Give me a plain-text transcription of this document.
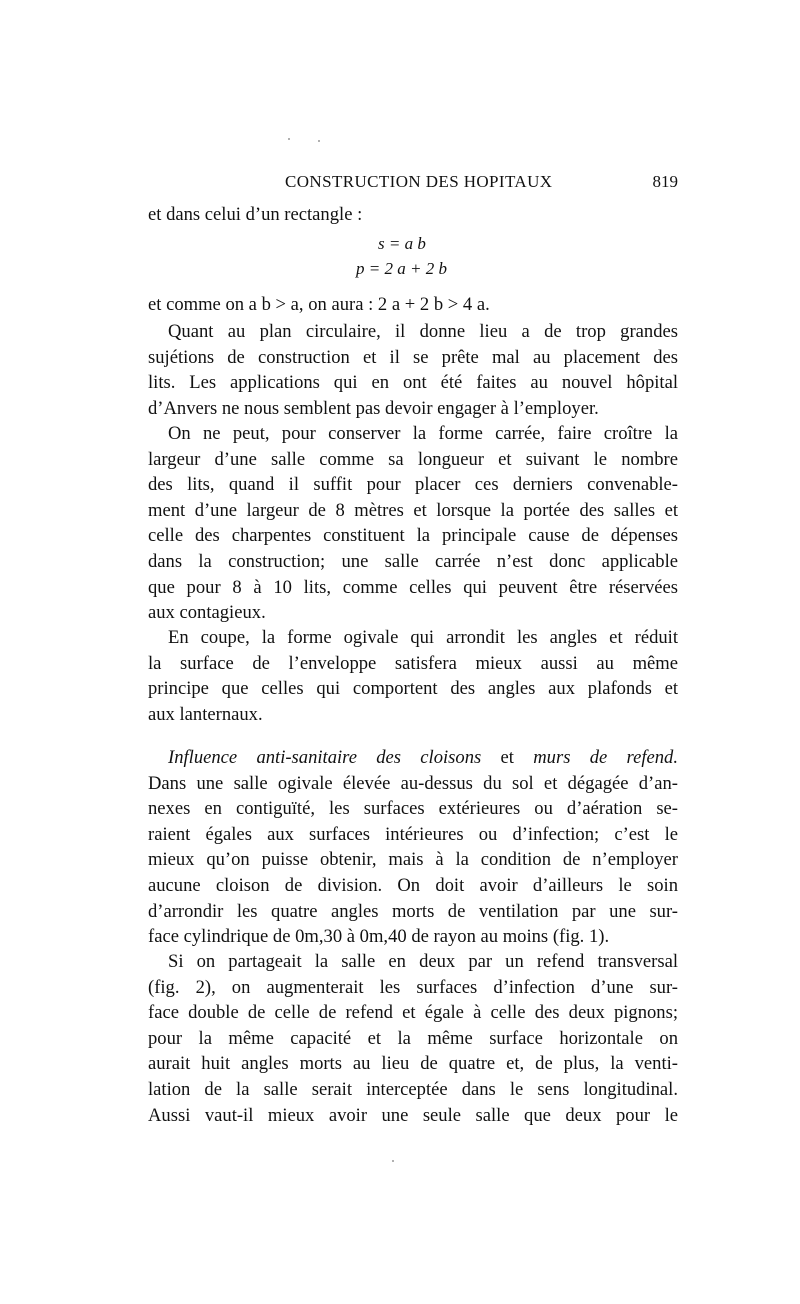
CONSTRUCTION DES HOPITAUX	819
et dans celui d’un rectangle :
s = a b
p = 2 a + 2 b
et comme on a b > a, on aura : 2 a + 2 b > 4 a.
Quant au plan circulaire, il donne lieu a de trop grandes
sujétions de construction et il se prête mal au placement des
lits. Les applications qui en ont été faites au nouvel hôpital
d’Anvers ne nous semblent pas devoir engager à l’employer.
On ne peut, pour conserver la forme carrée, faire croître la
largeur d’une salle comme sa longueur et suivant le nombre
des lits, quand il suffit pour placer ces derniers convenable-
ment d’une largeur de 8 mètres et lorsque la portée des salles et
celle des charpentes constituent la principale cause de dépenses
dans la construction; une salle carrée n’est donc applicable
que pour 8 à 10 lits, comme celles qui peuvent être réservées
aux contagieux.
En coupe, la forme ogivale qui arrondit les angles et réduit
la surface de l’enveloppe satisfera mieux aussi au même
principe que celles qui comportent des angles aux plafonds et
aux lanternaux.
Influence anti-sanitaire des cloisons et murs de refend.
Dans une salle ogivale élevée au-dessus du sol et dégagée d’an-
nexes en contiguïté, les surfaces extérieures ou d’aération se-
raient égales aux surfaces intérieures ou d’infection; c’est le
mieux qu’on puisse obtenir, mais à la condition de n’employer
aucune cloison de division. On doit avoir d’ailleurs le soin
d’arrondir les quatre angles morts de ventilation par une sur-
face cylindrique de 0m,30 à 0m,40 de rayon au moins (fig. 1).
Si on partageait la salle en deux par un refend transversal
(fig. 2), on augmenterait les surfaces d’infection d’une sur-
face double de celle de refend et égale à celle des deux pignons;
pour la même capacité et la même surface horizontale on
aurait huit angles morts au lieu de quatre et, de plus, la venti-
lation de la salle serait interceptée dans le sens longitudinal.
Aussi vaut-il mieux avoir une seule salle que deux pour le
